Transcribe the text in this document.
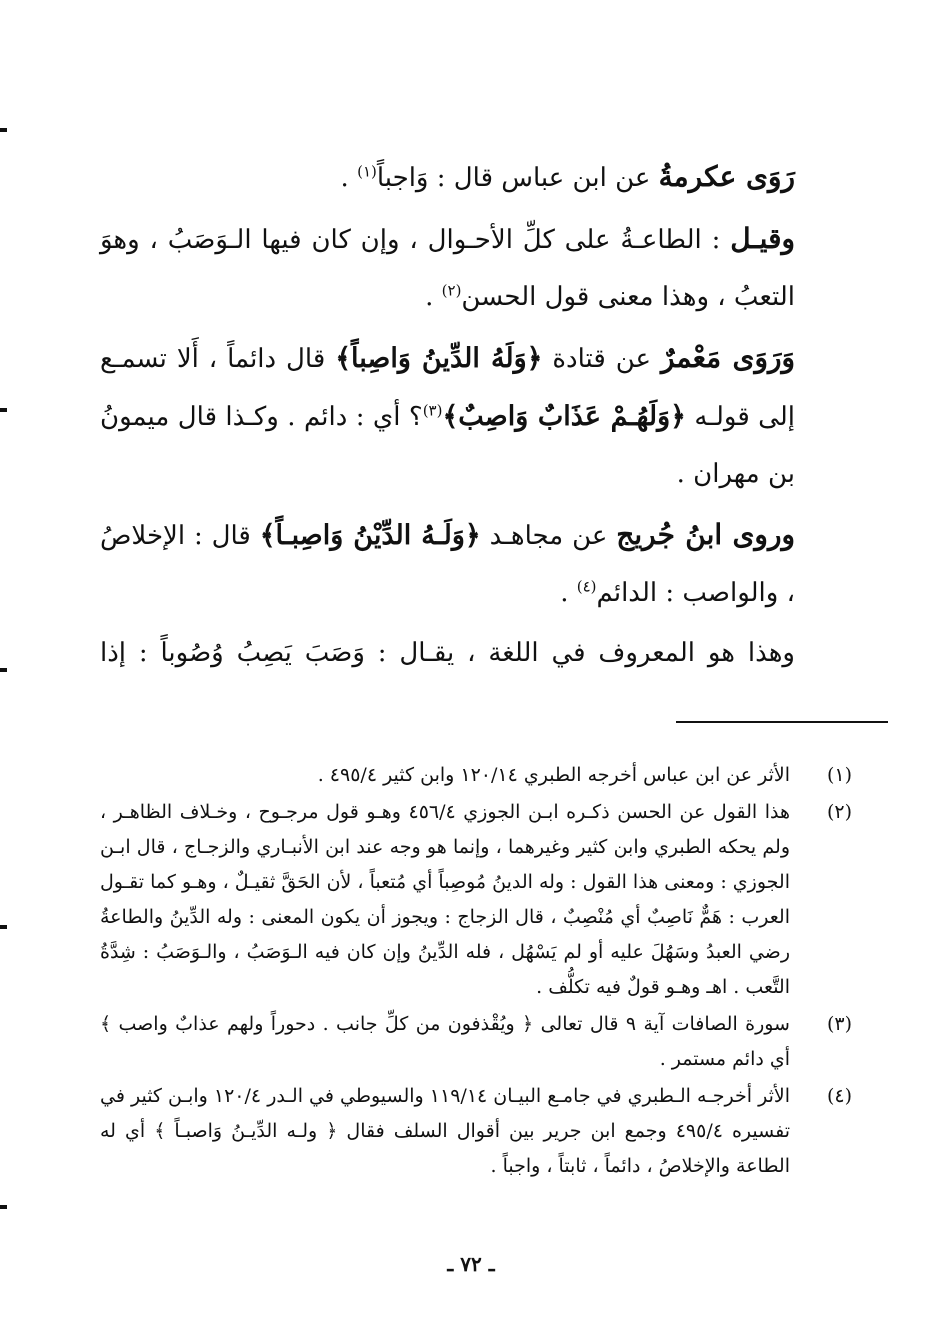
رَوَى عكرمةُ عن ابن عباس قال : وَاجباً$^{(١)}$ .

وقيـل : الطاعـةُ على كلِّ الأحـوال ، وإن كان فيها الـوَصَبُ ، وهوَ التعبُ ، وهذا معنى قول الحسن$^{(٢)}$ .

وَرَوَى مَعْمرٌ عن قتادة ﴿وَلَهُ الدِّينُ وَاصِباً﴾ قال دائماً ، أَلا تسمـع إلى قولـه ﴿وَلَهُـمْ عَذَابٌ وَاصِبٌ﴾$^{(٣)}$؟ أي : دائم . وكـذا قال ميمونُ بن مهران .

وروى ابنُ جُريج عن مجاهـد ﴿وَلَـهُ الدِّيْنُ وَاصِبـاً﴾ قال : الإخلاصُ ، والواصب : الدائم$^{(٤)}$ .

وهذا هو المعروف في اللغة ، يقـال : وَصَبَ يَصِبُ وُصُوباً : إذا

(١)
الأثر عن ابن عباس أخرجه الطبري ١٢٠/١٤ وابن كثير ٤٩٥/٤ .
(٢)
هذا القول عن الحسن ذكـره ابـن الجوزي ٤٥٦/٤ وهـو قول مرجـوح ، وخـلاف الظاهـر ، ولم يحكه الطبري وابن كثير وغيرهما ، وإنما هو وجه عند ابن الأنبـاري والزجـاج ، قال ابـن الجوزي : ومعنى هذا القول : وله الدينُ مُوصِباً أي مُتعباً ، لأن الحَقَّ ثقيـلٌ ، وهـو كما تقـول العرب : هَمٌّ نَاصِبٌ أي مُنْصِبٌ ، قال الزجاج : ويجوز أن يكون المعنى : وله الدِّينُ والطاعةُ رضي العبدُ وسَهُلَ عليه أو لم يَسْهُل ، فله الدِّينُ وإن كان فيه الـوَصَبُ ، والـوَصَبُ : شِدَّةُ التَّعب . اهـ وهـو قولٌ فيه تكلُّف .
(٣)
سورة الصافات آية ٩ قال تعالى ﴿ ويُقْذفون من كلِّ جانب . دحوراً ولهم عذابٌ واصب ﴾ أي دائم مستمر .
(٤)
الأثر أخرجـه الـطبري في جامـع البيـان ١١٩/١٤ والسيوطي في الـدر ١٢٠/٤ وابـن كثير في تفسيره ٤٩٥/٤ وجمع ابن جرير بين أقوال السلف فقال ﴿ ولـه الدِّيـنُ وَاصبـاً ﴾ أي له الطاعة والإخلاصُ ، دائماً ، ثابتاً ، واجباً .
ـ ٧٢ ـ
